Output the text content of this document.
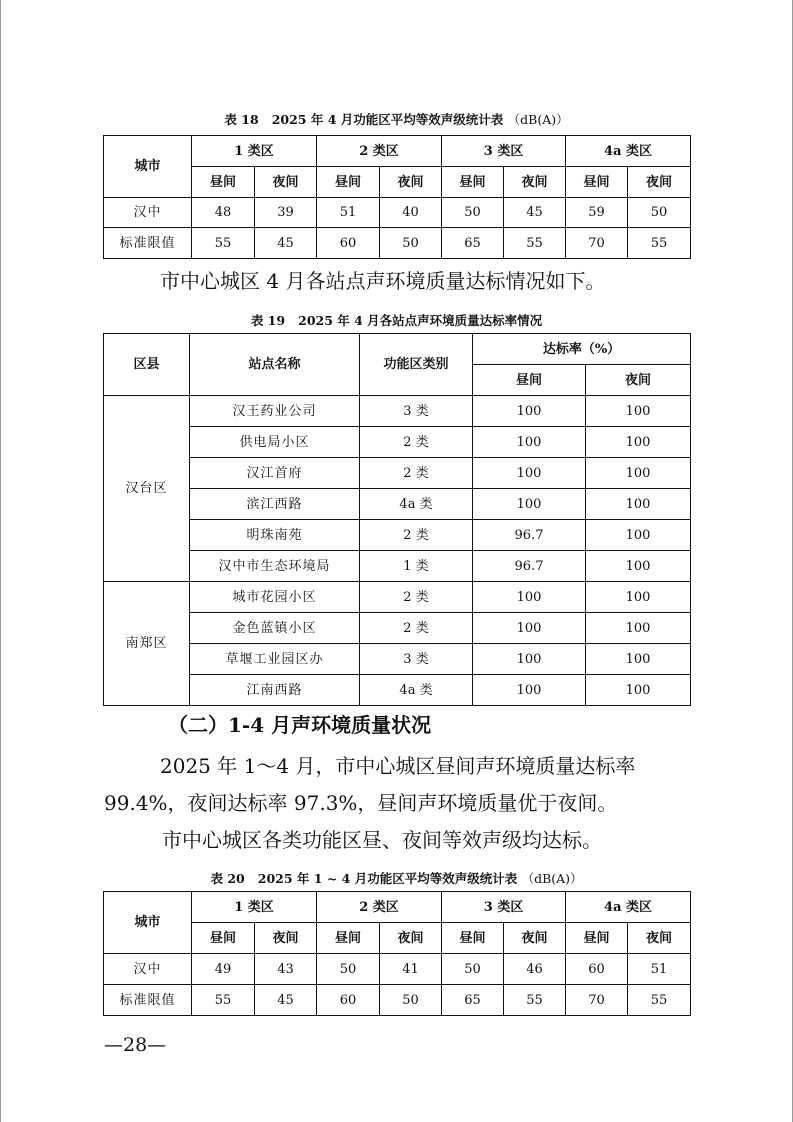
表 18 2025 年 4 月功能区平均等效声级统计表 （dB(A)）
城市	1 类区		2 类区		3 类区		4a 类区	
	昼间	夜间	昼间	夜间	昼间	夜间	昼间	夜间
汉中	48	39	51	40	50	45	59	50
标准限值	55	45	60	50	65	55	70	55
市中心城区 4 月各站点声环境质量达标情况如下。
表 19 2025 年 4 月各站点声环境质量达标率情况
区县	站点名称	功能区类别	达标率（%）	
			昼间	夜间
汉台区	汉王药业公司	3 类	100	100
	供电局小区	2 类	100	100
	汉江首府	2 类	100	100
	滨江西路	4a 类	100	100
	明珠南苑	2 类	96.7	100
	汉中市生态环境局	1 类	96.7	100
南郑区	城市花园小区	2 类	100	100
	金色蓝镇小区	2 类	100	100
	草堰工业园区办	3 类	100	100
	江南西路	4a 类	100	100
（二）1-4 月声环境质量状况
2025 年 1～4 月，市中心城区昼间声环境质量达标率
99.4%，夜间达标率 97.3%，昼间声环境质量优于夜间。
市中心城区各类功能区昼、夜间等效声级均达标。
表 20 2025 年 1 ~ 4 月功能区平均等效声级统计表 （dB(A)）
城市	1 类区		2 类区		3 类区		4a 类区	
	昼间	夜间	昼间	夜间	昼间	夜间	昼间	夜间
汉中	49	43	50	41	50	46	60	51
标准限值	55	45	60	50	65	55	70	55
—28—
